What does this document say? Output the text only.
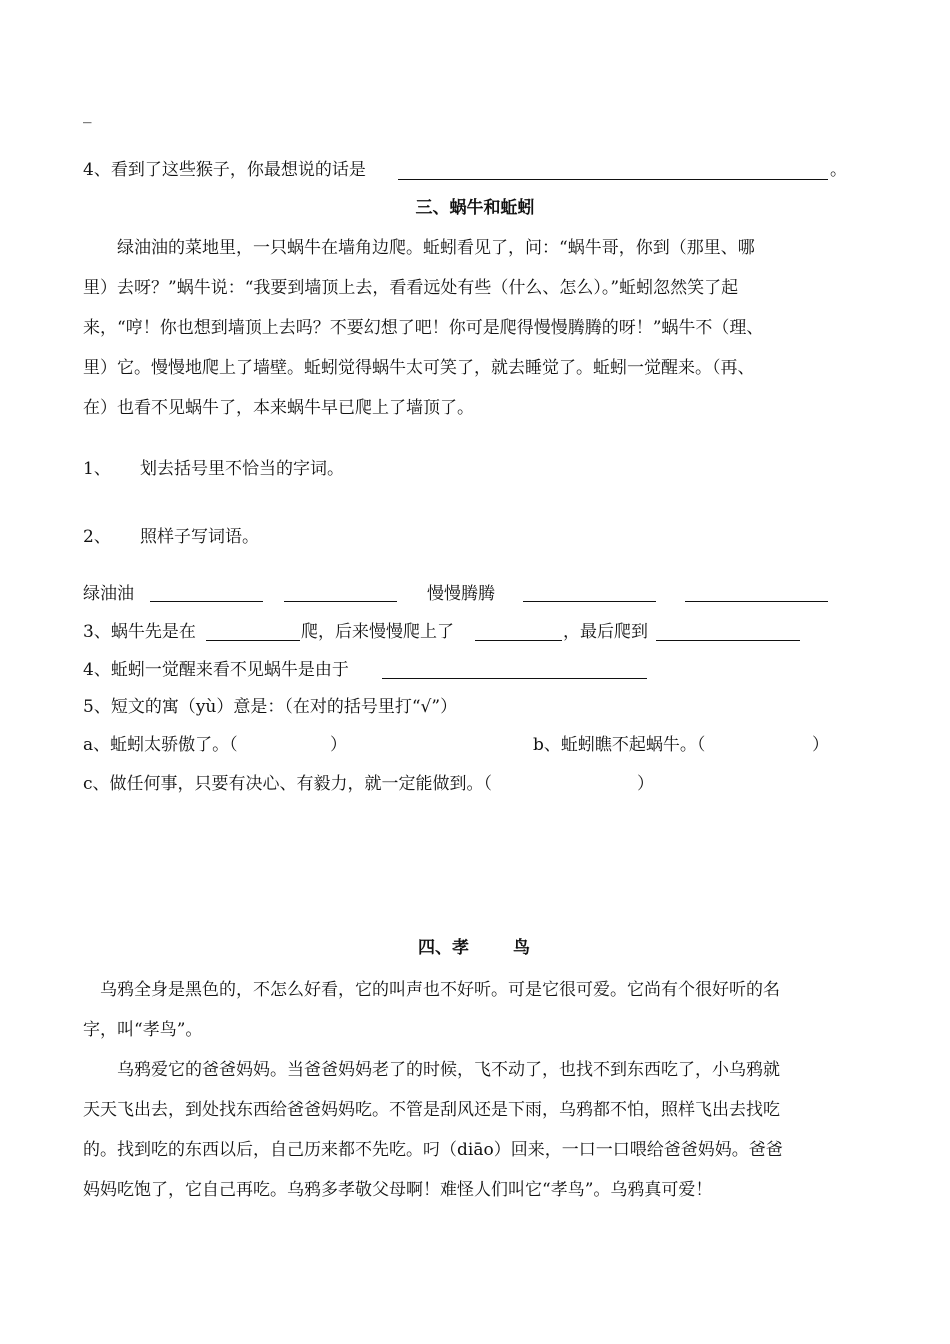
_
4、看到了这些猴子，你最想说的话是	。
三、蜗牛和蚯蚓
绿油油的菜地里，一只蜗牛在墙角边爬。蚯蚓看见了，问：“蜗牛哥，你到（那里、哪
里）去呀？”蜗牛说：“我要到墙顶上去，看看远处有些（什么、怎么）。”蚯蚓忽然笑了起
来，“哼！你也想到墙顶上去吗？不要幻想了吧！你可是爬得慢慢腾腾的呀！”蜗牛不（理、
里）它。慢慢地爬上了墙壁。蚯蚓觉得蜗牛太可笑了，就去睡觉了。蚯蚓一觉醒来。（再、
在）也看不见蜗牛了，本来蜗牛早已爬上了墙顶了。
1、 划去括号里不恰当的字词。
2、 照样子写词语。
绿油油	慢慢腾腾
3、蜗牛先是在	爬，后来慢慢爬上了	，最后爬到
4、蚯蚓一觉醒来看不见蜗牛是由于
5、短文的寓（yù）意是：（在对的括号里打“√”）
a、蚯蚓太骄傲了。（	）	b、蚯蚓瞧不起蜗牛。（	）
c、做任何事，只要有决心、有毅力，就一定能做到。（	）
四、孝	鸟
乌鸦全身是黑色的，不怎么好看，它的叫声也不好听。可是它很可爱。它尚有个很好听的名
字，叫“孝鸟”。
乌鸦爱它的爸爸妈妈。当爸爸妈妈老了的时候，飞不动了，也找不到东西吃了，小乌鸦就
天天飞出去，到处找东西给爸爸妈妈吃。不管是刮风还是下雨，乌鸦都不怕，照样飞出去找吃
的。找到吃的东西以后，自己历来都不先吃。叼（diāo）回来，一口一口喂给爸爸妈妈。爸爸
妈妈吃饱了，它自己再吃。乌鸦多孝敬父母啊！难怪人们叫它“孝鸟”。乌鸦真可爱！
